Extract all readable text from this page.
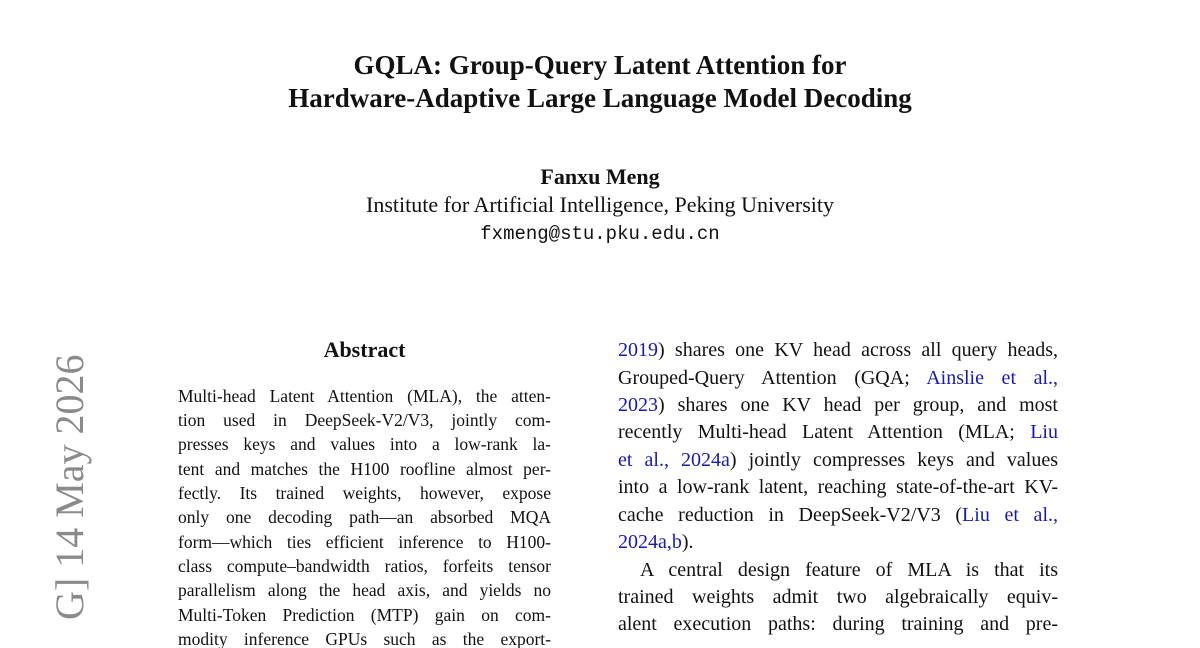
GQLA: Group-Query Latent Attention for
Hardware-Adaptive Large Language Model Decoding
Fanxu Meng
Institute for Artificial Intelligence, Peking University
fxmeng@stu.pku.edu.cn
G] 14 May 2026
Abstract
Multi-head Latent Attention (MLA), the atten-
tion used in DeepSeek-V2/V3, jointly com-
presses keys and values into a low-rank la-
tent and matches the H100 roofline almost per-
fectly. Its trained weights, however, expose
only one decoding path—an absorbed MQA
form—which ties efficient inference to H100-
class compute–bandwidth ratios, forfeits tensor
parallelism along the head axis, and yields no
Multi-Token Prediction (MTP) gain on com-
modity inference GPUs such as the export-
2019) shares one KV head across all query heads,
Grouped-Query Attention (GQA; Ainslie et al.,
2023) shares one KV head per group, and most
recently Multi-head Latent Attention (MLA; Liu
et al., 2024a) jointly compresses keys and values
into a low-rank latent, reaching state-of-the-art KV-
cache reduction in DeepSeek-V2/V3 (Liu et al.,
2024a,b).
A central design feature of MLA is that its
trained weights admit two algebraically equiv-
alent execution paths: during training and pre-
